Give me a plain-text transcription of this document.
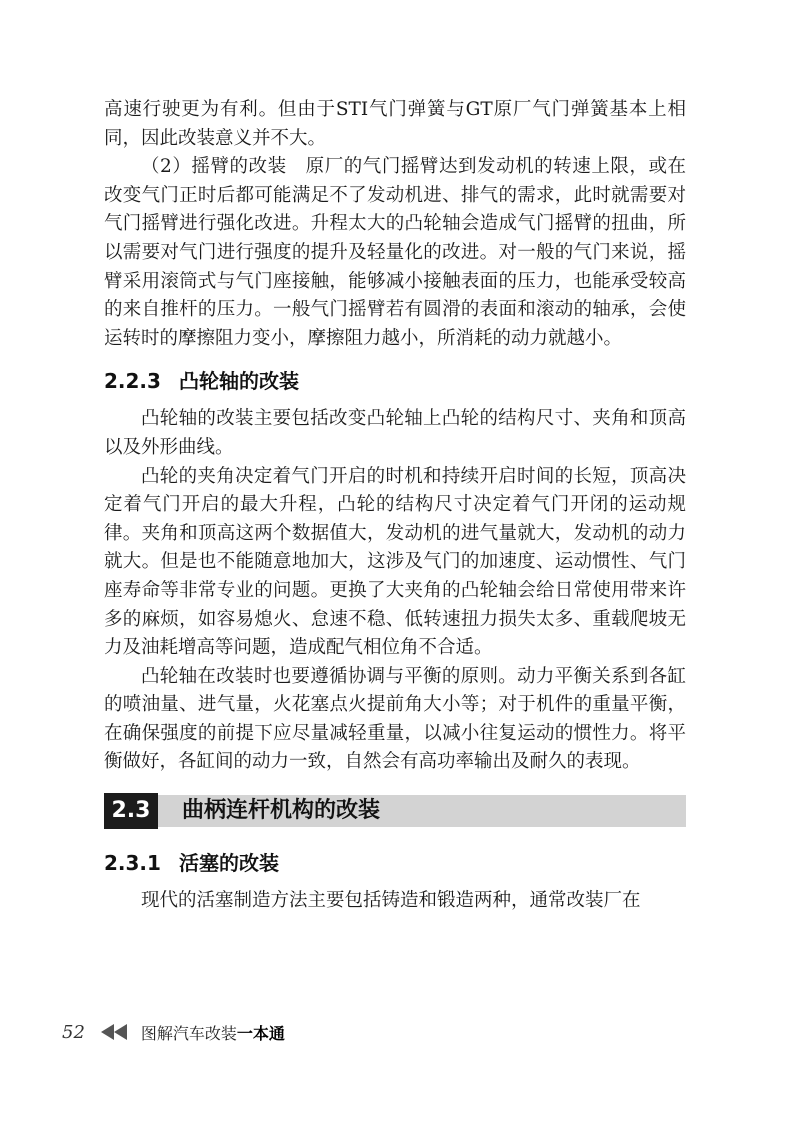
高速行驶更为有利。但由于STI气门弹簧与GT原厂气门弹簧基本上相同，因此改装意义并不大。

（2）摇臂的改装　原厂的气门摇臂达到发动机的转速上限，或在改变气门正时后都可能满足不了发动机进、排气的需求，此时就需要对气门摇臂进行强化改进。升程太大的凸轮轴会造成气门摇臂的扭曲，所以需要对气门进行强度的提升及轻量化的改进。对一般的气门来说，摇臂采用滚筒式与气门座接触，能够减小接触表面的压力，也能承受较高的来自推杆的压力。一般气门摇臂若有圆滑的表面和滚动的轴承，会使运转时的摩擦阻力变小，摩擦阻力越小，所消耗的动力就越小。

2.2.3 凸轮轴的改装

凸轮轴的改装主要包括改变凸轮轴上凸轮的结构尺寸、夹角和顶高以及外形曲线。

凸轮的夹角决定着气门开启的时机和持续开启时间的长短，顶高决定着气门开启的最大升程，凸轮的结构尺寸决定着气门开闭的运动规律。夹角和顶高这两个数据值大，发动机的进气量就大，发动机的动力就大。但是也不能随意地加大，这涉及气门的加速度、运动惯性、气门座寿命等非常专业的问题。更换了大夹角的凸轮轴会给日常使用带来许多的麻烦，如容易熄火、怠速不稳、低转速扭力损失太多、重载爬坡无力及油耗增高等问题，造成配气相位角不合适。

凸轮轴在改装时也要遵循协调与平衡的原则。动力平衡关系到各缸的喷油量、进气量，火花塞点火提前角大小等；对于机件的重量平衡，在确保强度的前提下应尽量减轻重量，以减小往复运动的惯性力。将平衡做好，各缸间的动力一致，自然会有高功率输出及耐久的表现。

2.3	曲柄连杆机构的改装
2.3.1 活塞的改装

现代的活塞制造方法主要包括铸造和锻造两种，通常改装厂在

52	图解汽车改装 一本通
